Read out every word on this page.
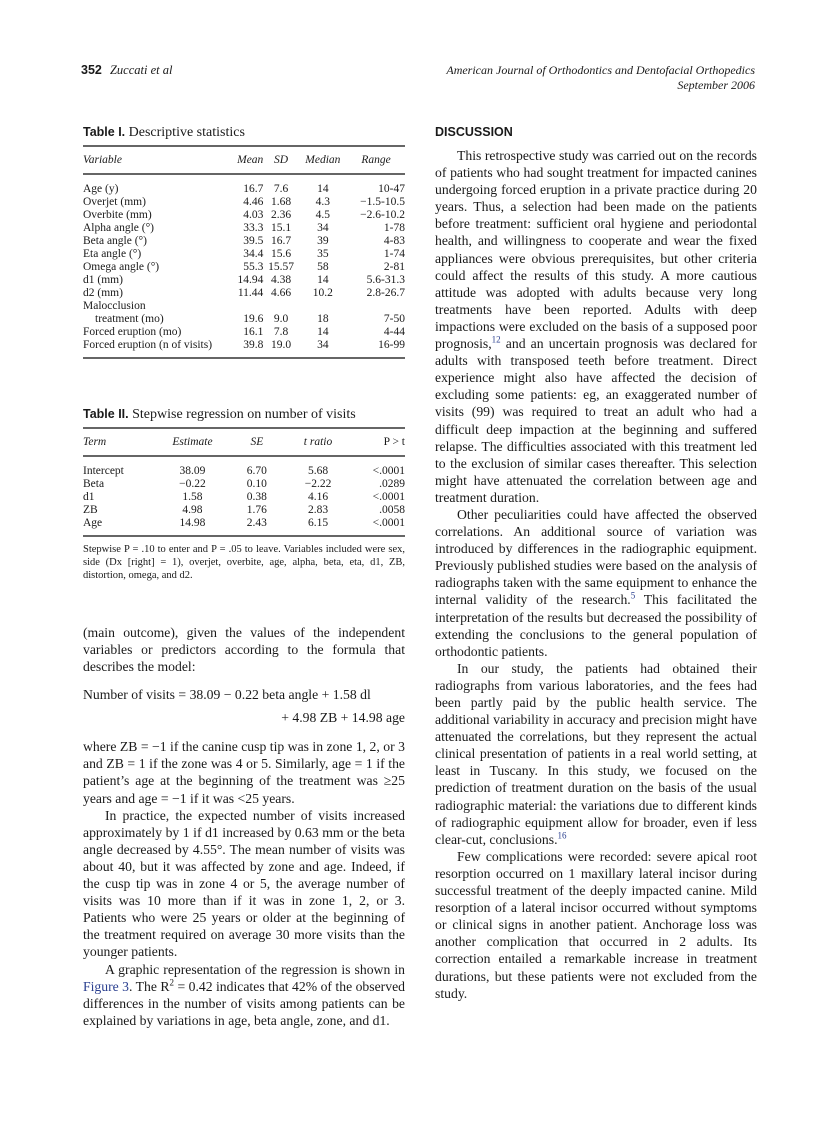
352 Zuccati et al	American Journal of Orthodontics and Dentofacial Orthopedics
September 2006
Table I. Descriptive statistics
Variable	Mean	SD	Median	Range
Age (y)	16.7	7.6	14	10-47
Overjet (mm)	4.46	1.68	4.3	−1.5-10.5
Overbite (mm)	4.03	2.36	4.5	−2.6-10.2
Alpha angle (°)	33.3	15.1	34	1-78
Beta angle (°)	39.5	16.7	39	4-83
Eta angle (°)	34.4	15.6	35	1-74
Omega angle (°)	55.3	15.57	58	2-81
d1 (mm)	14.94	4.38	14	5.6-31.3
d2 (mm)	11.44	4.66	10.2	2.8-26.7
Malocclusion				
treatment (mo)	19.6	9.0	18	7-50
Forced eruption (mo)	16.1	7.8	14	4-44
Forced eruption (n of visits)	39.8	19.0	34	16-99
Table II. Stepwise regression on number of visits
Term	Estimate	SE	t ratio	P > t
Intercept	38.09	6.70	5.68	<.0001
Beta	−0.22	0.10	−2.22	.0289
d1	1.58	0.38	4.16	<.0001
ZB	4.98	1.76	2.83	.0058
Age	14.98	2.43	6.15	<.0001
Stepwise P = .10 to enter and P = .05 to leave. Variables included were sex, side (Dx [right] = 1), overjet, overbite, age, alpha, beta, eta, d1, ZB, distortion, omega, and d2.

(main outcome), given the values of the independent variables or predictors according to the formula that describes the model:

Number of visits = 38.09 − 0.22 beta angle + 1.58 dl
+ 4.98 ZB + 14.98 age

where ZB = −1 if the canine cusp tip was in zone 1, 2, or 3 and ZB = 1 if the zone was 4 or 5. Similarly, age = 1 if the patient’s age at the beginning of the treatment was ≥25 years and age = −1 if it was <25 years.

In practice, the expected number of visits increased approximately by 1 if d1 increased by 0.63 mm or the beta angle decreased by 4.55°. The mean number of visits was about 40, but it was affected by zone and age. Indeed, if the cusp tip was in zone 4 or 5, the average number of visits was 10 more than if it was in zone 1, 2, or 3. Patients who were 25 years or older at the beginning of the treatment required on average 30 more visits than the younger patients.

A graphic representation of the regression is shown in Figure 3. The $R^2 = 0.42$ indicates that 42% of the observed differences in the number of visits among patients can be explained by variations in age, beta angle, zone, and d1.

DISCUSSION

This retrospective study was carried out on the records of patients who had sought treatment for impacted canines undergoing forced eruption in a private practice during 20 years. Thus, a selection had been made on the patients before treatment: sufficient oral hygiene and periodontal health, and willingness to cooperate and wear the fixed appliances were obvious prerequisites, but other criteria could affect the results of this study. A more cautious attitude was adopted with adults because very long treatments have been reported. Adults with deep impactions were excluded on the basis of a supposed poor prognosis,$^{12}$ and an uncertain prognosis was declared for adults with transposed teeth before treatment. Direct experience might also have affected the decision of excluding some patients: eg, an exaggerated number of visits (99) was required to treat an adult who had a difficult deep impaction at the beginning and suffered relapse. The difficulties associated with this treatment led to the exclusion of similar cases thereafter. This selection might have attenuated the correlation between age and treatment duration.

Other peculiarities could have affected the observed correlations. An additional source of variation was introduced by differences in the radiographic equipment. Previously published studies were based on the analysis of radiographs taken with the same equipment to enhance the internal validity of the research.$^5$ This facilitated the interpretation of the results but decreased the possibility of extending the conclusions to the general population of orthodontic patients.

In our study, the patients had obtained their radiographs from various laboratories, and the fees had been partly paid by the public health service. The additional variability in accuracy and precision might have attenuated the correlations, but they represent the actual clinical presentation of patients in a real world setting, at least in Tuscany. In this study, we focused on the prediction of treatment duration on the basis of the usual radiographic material: the variations due to different kinds of radiographic equipment allow for broader, even if less clear-cut, conclusions.$^{16}$

Few complications were recorded: severe apical root resorption occurred on 1 maxillary lateral incisor during successful treatment of the deeply impacted canine. Mild resorption of a lateral incisor occurred without symptoms or clinical signs in another patient. Anchorage loss was another complication that occurred in 2 adults. Its correction entailed a remarkable increase in treatment durations, but these patients were not excluded from the study.
